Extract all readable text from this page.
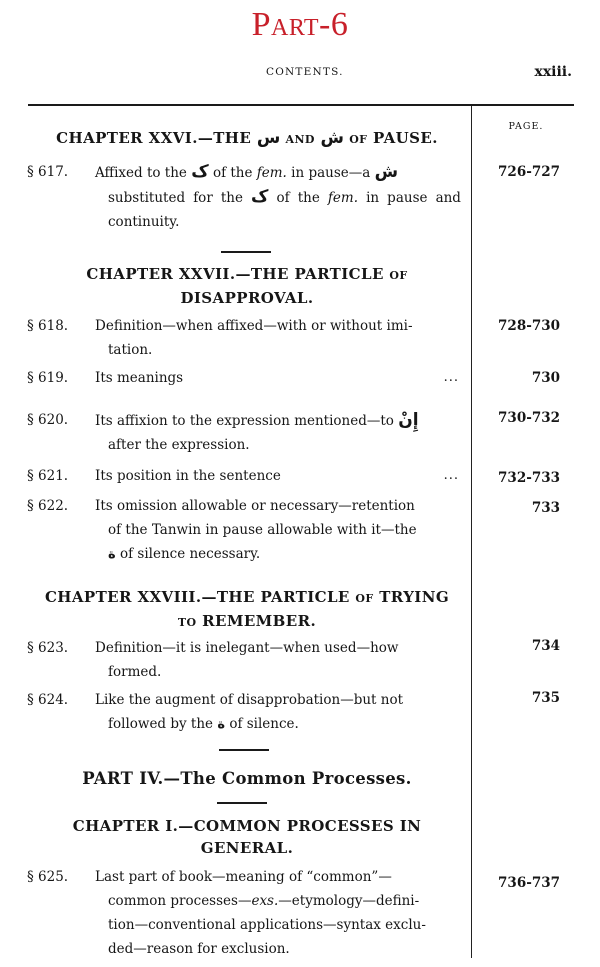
Part-6
CONTENTS.	xxiii.
PAGE.
CHAPTER XXVI.—THE س AND ش OF PAUSE.
§ 617.	Affixed to the ک of the fem. in pause—a ش
substituted for the ک of the fem. in pause and continuity.
726-727
CHAPTER XXVII.—THE PARTICLE OF
DISAPPROVAL.
§ 618.	Definition—when affixed—with or without imi-
tation.
728-730
§ 619.	Its meanings	...	730
§ 620.	Its affixion to the expression mentioned—to إِنْ
after the expression.
730-732
§ 621.	Its position in the sentence	...	732-733
§ 622.	Its omission allowable or necessary—retention
of the Tanwin in pause allowable with it—the
ة of silence necessary.
733
CHAPTER XXVIII.—THE PARTICLE OF TRYING
TO REMEMBER.
§ 623.	Definition—it is inelegant—when used—how
formed.
734
§ 624.	Like the augment of disapprobation—but not
followed by the ة of silence.
735
PART IV.—The Common Processes.
CHAPTER I.—COMMON PROCESSES IN
GENERAL.
§ 625.	Last part of book—meaning of “common”—
common processes—exs.—etymology—defini-
tion—conventional applications—syntax exclu-
ded—reason for exclusion.
736-737
